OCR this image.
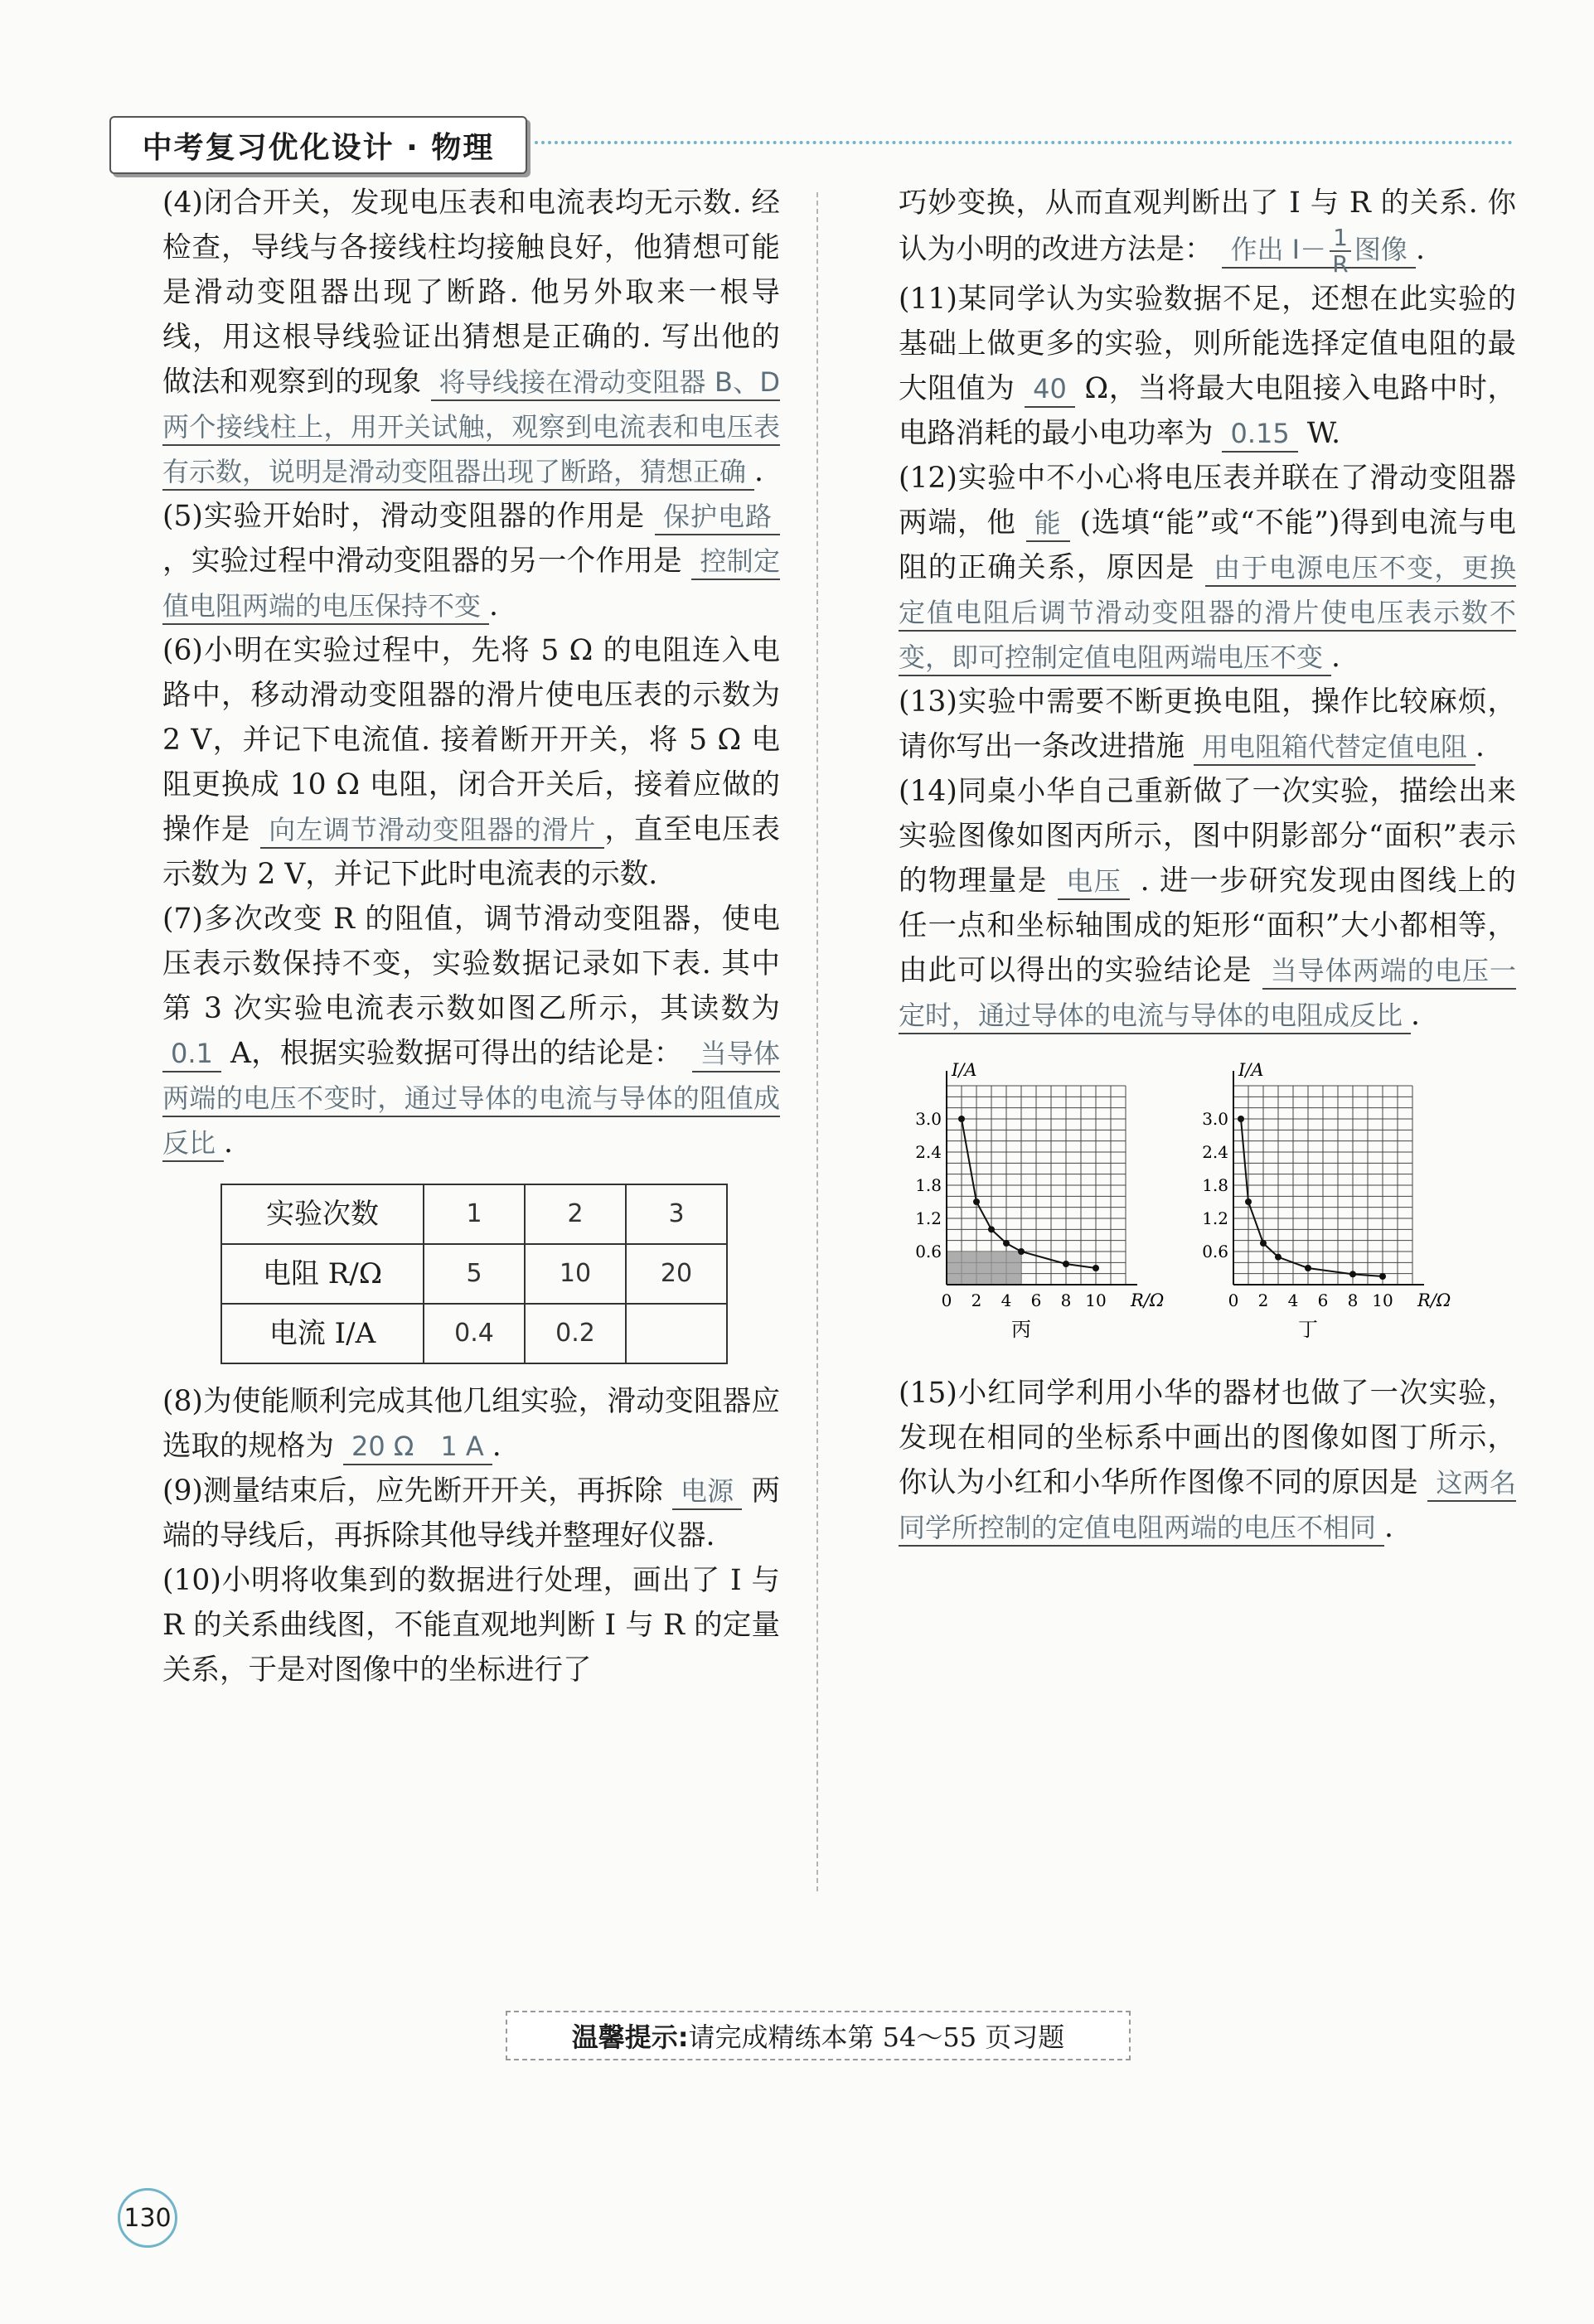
中考复习优化设计 · 物理

(4)闭合开关，发现电压表和电流表均无示数. 经检查，导线与各接线柱均接触良好，他猜想可能是滑动变阻器出现了断路. 他另外取来一根导线，用这根导线验证出猜想是正确的. 写出他的做法和观察到的现象 将导线接在滑动变阻器 B、D 两个接线柱上，用开关试触，观察到电流表和电压表有示数，说明是滑动变阻器出现了断路，猜想正确 .

(5)实验开始时，滑动变阻器的作用是 保护电路 ，实验过程中滑动变阻器的另一个作用是 控制定值电阻两端的电压保持不变 .

(6)小明在实验过程中，先将 5 Ω 的电阻连入电路中，移动滑动变阻器的滑片使电压表的示数为 2 V，并记下电流值. 接着断开开关，将 5 Ω 电阻更换成 10 Ω 电阻，闭合开关后，接着应做的操作是 向左调节滑动变阻器的滑片 ，直至电压表示数为 2 V，并记下此时电流表的示数.

(7)多次改变 R 的阻值，调节滑动变阻器，使电压表示数保持不变，实验数据记录如下表. 其中第 3 次实验电流表示数如图乙所示，其读数为 0.1 A，根据实验数据可得出的结论是： 当导体两端的电压不变时，通过导体的电流与导体的阻值成反比 .

实验次数	1	2	3
电阻 R/Ω	5	10	20
电流 I/A	0.4	0.2	

(8)为使能顺利完成其他几组实验，滑动变阻器应选取的规格为 20 Ω　1 A .

(9)测量结束后，应先断开开关，再拆除 电源 两端的导线后，再拆除其他导线并整理好仪器.

(10)小明将收集到的数据进行处理，画出了 I 与 R 的关系曲线图，不能直观地判断 I 与 R 的定量关系，于是对图像中的坐标进行了

巧妙变换，从而直观判断出了 I 与 R 的关系. 你认为小明的改进方法是： 作出 $I- \frac{1}{R}$ 图像 .

(11)某同学认为实验数据不足，还想在此实验的基础上做更多的实验，则所能选择定值电阻的最大阻值为 40 Ω，当将最大电阻接入电路中时，电路消耗的最小电功率为 0.15 W.

(12)实验中不小心将电压表并联在了滑动变阻器两端，他 能 (选填“能”或“不能”)得到电流与电阻的正确关系，原因是 由于电源电压不变，更换定值电阻后调节滑动变阻器的滑片使电压表示数不变，即可控制定值电阻两端电压不变 .

(13)实验中需要不断更换电阻，操作比较麻烦，请你写出一条改进措施 用电阻箱代替定值电阻 .

(14)同桌小华自己重新做了一次实验，描绘出来实验图像如图丙所示，图中阴影部分“面积”表示的物理量是 电压 . 进一步研究发现由图线上的任一点和坐标轴围成的矩形“面积”大小都相等，由此可以得出的实验结论是 当导体两端的电压一定时，通过导体的电流与导体的电阻成反比 .

0 2 4 6 8 10
0.6
1.2
1.8
2.4
3.0
I/A
R/Ω
丙
0 2 4 6 8 10
0.6
1.2
1.8
2.4
3.0
I/A
R/Ω
丁

(15)小红同学利用小华的器材也做了一次实验，发现在相同的坐标系中画出的图像如图丁所示，你认为小红和小华所作图像不同的原因是 这两名同学所控制的定值电阻两端的电压不相同 .

温馨提示: 请完成精练本第 54～55 页习题
130
